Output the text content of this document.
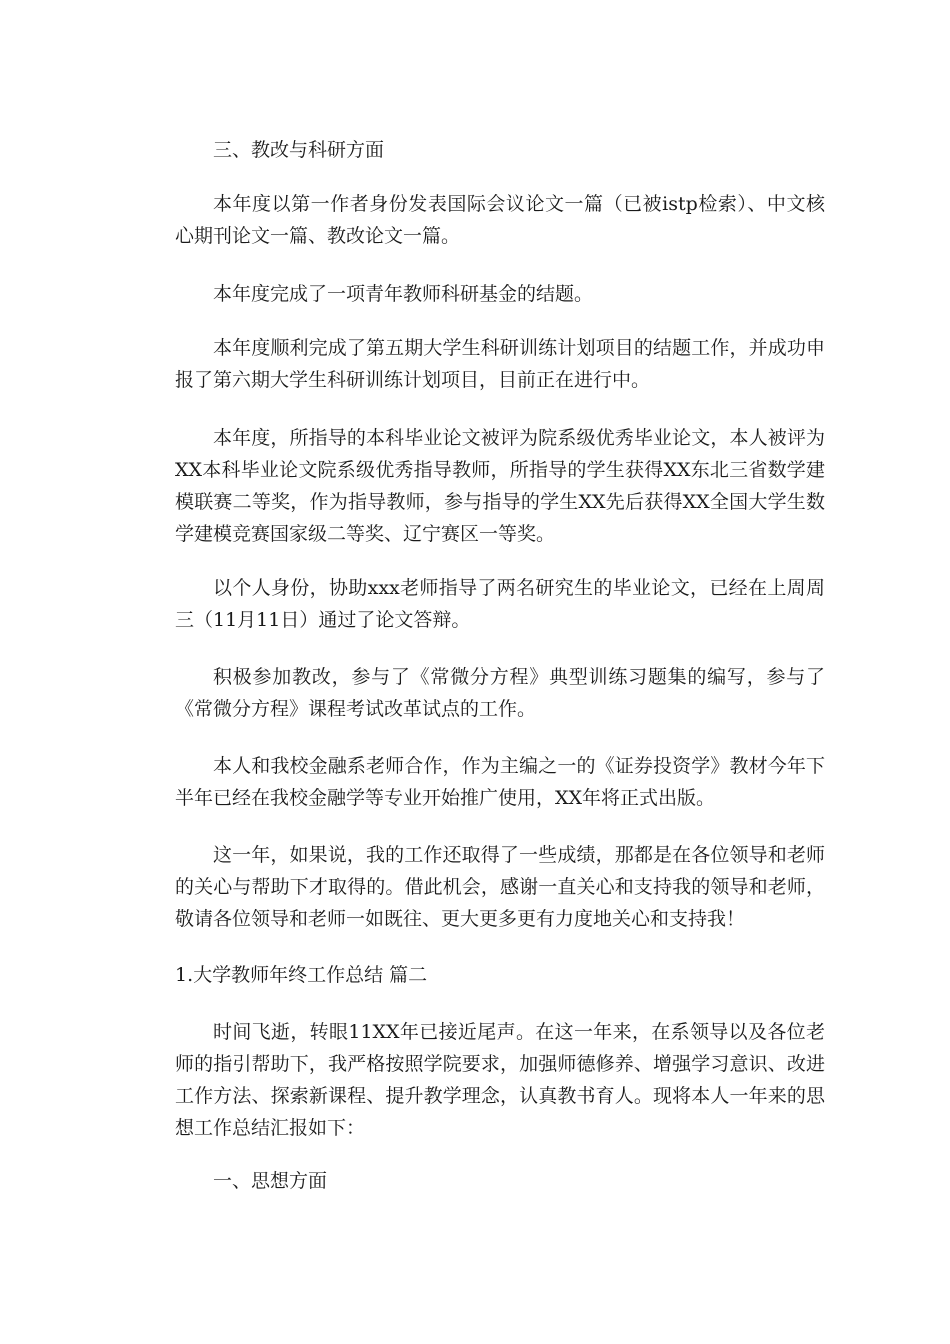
三、教改与科研方面

本年度以第一作者身份发表国际会议论文一篇（已被istp检索）、中文核心期刊论文一篇、教改论文一篇。

本年度完成了一项青年教师科研基金的结题。

本年度顺利完成了第五期大学生科研训练计划项目的结题工作，并成功申报了第六期大学生科研训练计划项目，目前正在进行中。

本年度，所指导的本科毕业论文被评为院系级优秀毕业论文，本人被评为XX本科毕业论文院系级优秀指导教师，所指导的学生获得XX东北三省数学建模联赛二等奖，作为指导教师，参与指导的学生XX先后获得XX全国大学生数学建模竞赛国家级二等奖、辽宁赛区一等奖。

以个人身份，协助xxx老师指导了两名研究生的毕业论文，已经在上周周三（11月11日）通过了论文答辩。

积极参加教改，参与了《常微分方程》典型训练习题集的编写，参与了《常微分方程》课程考试改革试点的工作。

本人和我校金融系老师合作，作为主编之一的《证券投资学》教材今年下半年已经在我校金融学等专业开始推广使用，XX年将正式出版。

这一年，如果说，我的工作还取得了一些成绩，那都是在各位领导和老师的关心与帮助下才取得的。借此机会，感谢一直关心和支持我的领导和老师，敬请各位领导和老师一如既往、更大更多更有力度地关心和支持我！

1.大学教师年终工作总结 篇二

时间飞逝，转眼11XX年已接近尾声。在这一年来，在系领导以及各位老师的指引帮助下，我严格按照学院要求，加强师德修养、增强学习意识、改进工作方法、探索新课程、提升教学理念，认真教书育人。现将本人一年来的思想工作总结汇报如下：

一、思想方面
